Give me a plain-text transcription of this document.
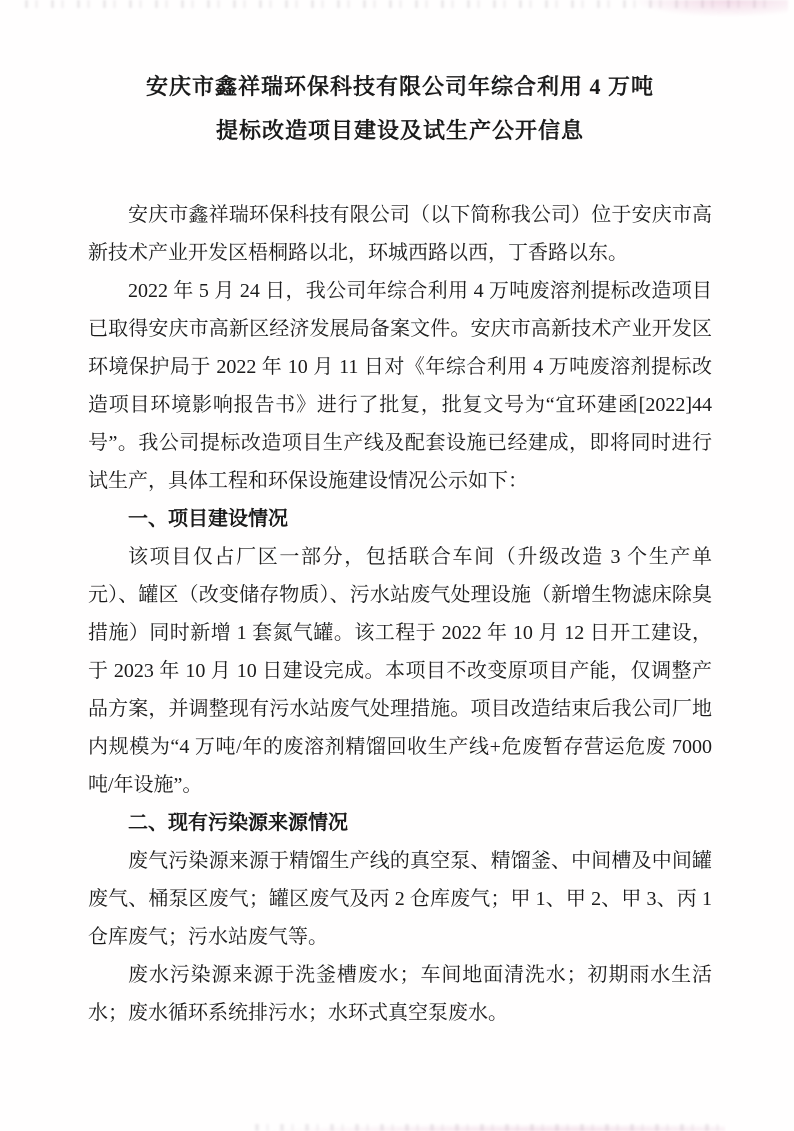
安庆市鑫祥瑞环保科技有限公司年综合利用 4 万吨
提标改造项目建设及试生产公开信息

安庆市鑫祥瑞环保科技有限公司（以下简称我公司）位于安庆市高新技术产业开发区梧桐路以北，环城西路以西，丁香路以东。

2022 年 5 月 24 日，我公司年综合利用 4 万吨废溶剂提标改造项目已取得安庆市高新区经济发展局备案文件。安庆市高新技术产业开发区环境保护局于 2022 年 10 月 11 日对《年综合利用 4 万吨废溶剂提标改造项目环境影响报告书》进行了批复，批复文号为“宜环建函[2022]44 号”。我公司提标改造项目生产线及配套设施已经建成，即将同时进行试生产，具体工程和环保设施建设情况公示如下：

一、项目建设情况

该项目仅占厂区一部分，包括联合车间（升级改造 3 个生产单元）、罐区（改变储存物质）、污水站废气处理设施（新增生物滤床除臭措施）同时新增 1 套氮气罐。该工程于 2022 年 10 月 12 日开工建设，于 2023 年 10 月 10 日建设完成。本项目不改变原项目产能，仅调整产品方案，并调整现有污水站废气处理措施。项目改造结束后我公司厂地内规模为“4 万吨/年的废溶剂精馏回收生产线+危废暂存营运危废 7000 吨/年设施”。

二、现有污染源来源情况

废气污染源来源于精馏生产线的真空泵、精馏釜、中间槽及中间罐废气、桶泵区废气；罐区废气及丙 2 仓库废气；甲 1、甲 2、甲 3、丙 1 仓库废气；污水站废气等。

废水污染源来源于洗釜槽废水；车间地面清洗水；初期雨水生活水；废水循环系统排污水；水环式真空泵废水。
